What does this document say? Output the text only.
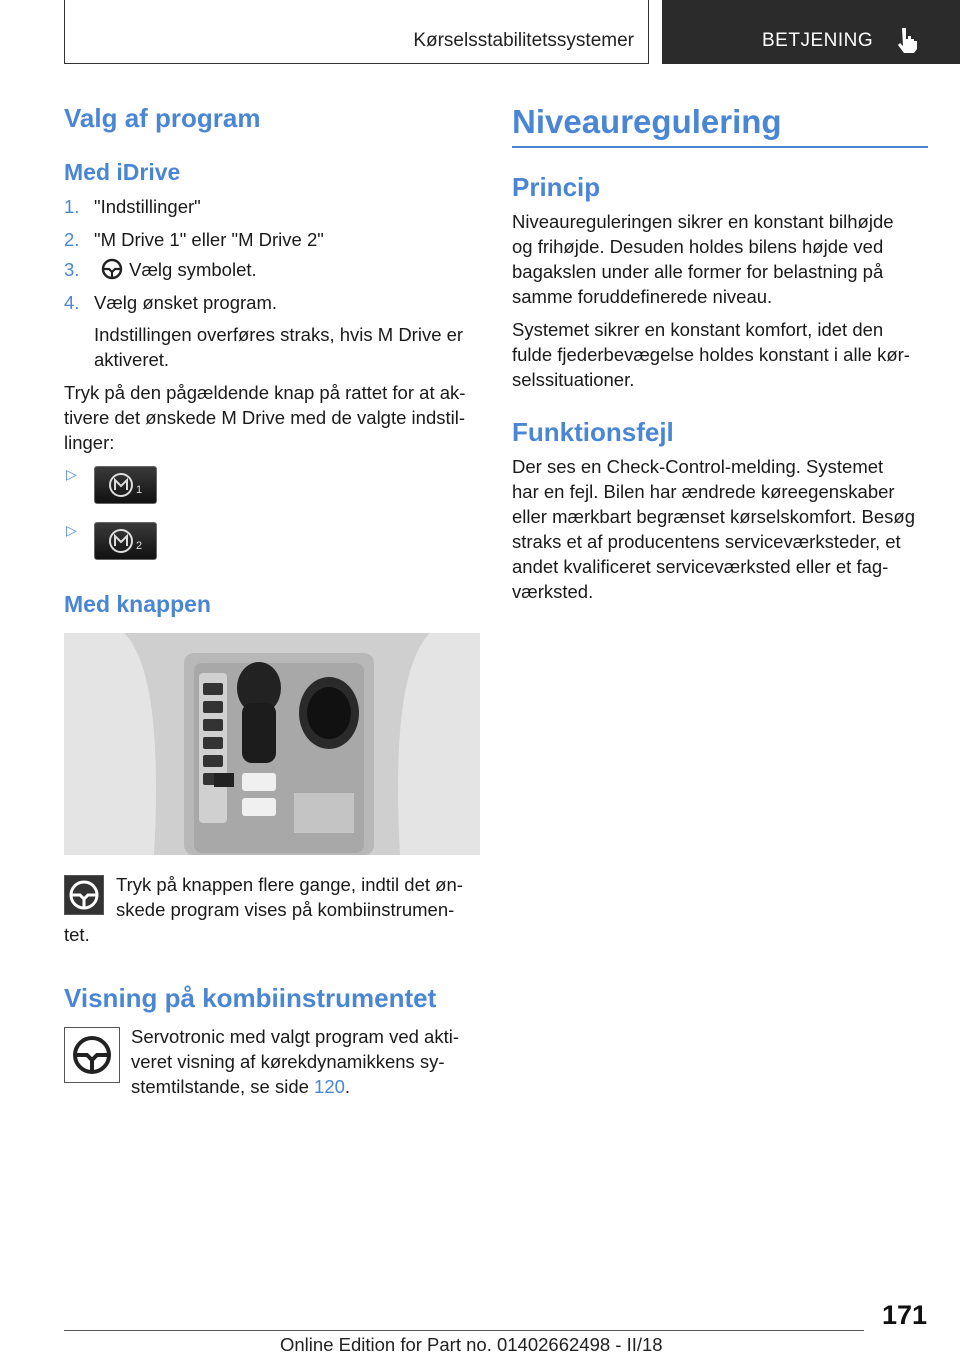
Kørselsstabilitetssystemer	BETJENING
Valg af program
Med iDrive
1. "Indstillinger"
2. "M Drive 1" eller "M Drive 2"
3.	Vælg symbolet.
4. Vælg ønsket program.
Indstillingen overføres straks, hvis M Drive er
aktiveret.
Tryk på den pågældende knap på rattet for at ak-
tivere det ønskede M Drive med de valgte indstil-
linger:
▷
1
▷
2
Med knappen
Tryk på knappen flere gange, indtil det øn-
skede program vises på kombiinstrumen-
tet.
Visning på kombiinstrumentet
Servotronic med valgt program ved akti-
veret visning af kørekdynamikkens sy-
stemtilstande, se side 120.
Niveauregulering
Princip
Niveaureguleringen sikrer en konstant bilhøjde
og frihøjde. Desuden holdes bilens højde ved
bagakslen under alle former for belastning på
samme foruddefinerede niveau.
Systemet sikrer en konstant komfort, idet den
fulde fjederbevægelse holdes konstant i alle kør-
selssituationer.
Funktionsfejl
Der ses en Check-Control-melding. Systemet
har en fejl. Bilen har ændrede køreegenskaber
eller mærkbart begrænset kørselskomfort. Besøg
straks et af producentens serviceværksteder, et
andet kvalificeret serviceværksted eller et fag-
værksted.
171
Online Edition for Part no. 01402662498 - II/18
